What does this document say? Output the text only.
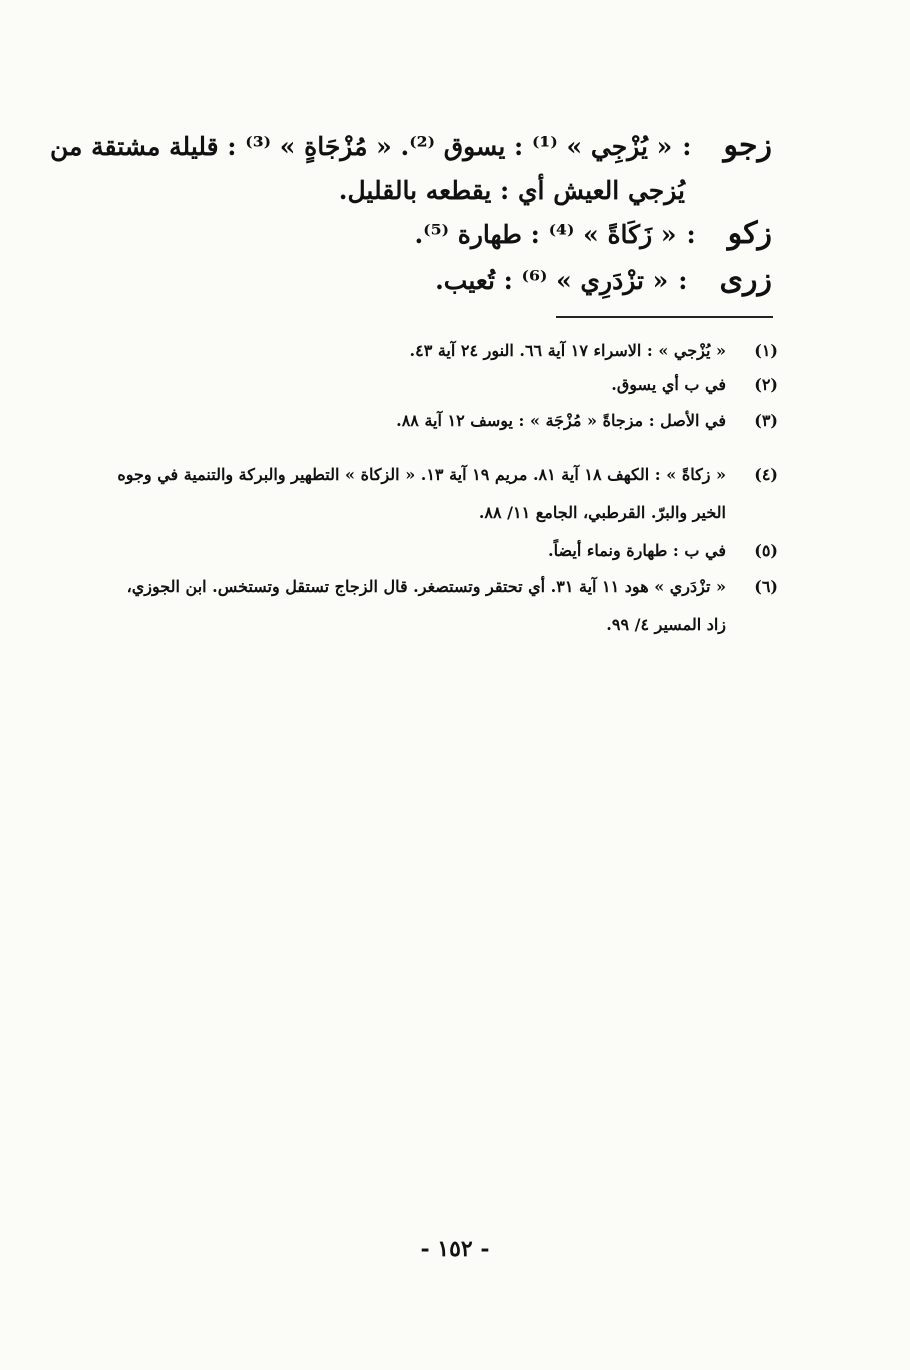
زجو:« يُزْجِي » ⁽¹⁾ : يسوق ⁽²⁾. « مُزْجَاةٍ » ⁽³⁾ : قليلة مشتقة من
يُزجي العيش أي : يقطعه بالقليل.
زكو:« زَكَاةً » ⁽⁴⁾ : طهارة ⁽⁵⁾.
زرى:« تزْدَرِي » ⁽⁶⁾ : تُعيب.
(١)
« يُزْجي » : الاسراء ١٧ آية ٦٦. النور ٢٤ آية ٤٣.
(٢)
في ب أي يسوق.
(٣)
في الأصل : مزجاةً « مُزْجَة » : يوسف ١٢ آية ٨٨.
(٤)
« زكاةً » : الكهف ١٨ آية ٨١. مريم ١٩ آية ١٣. « الزكاة » التطهير والبركة والتنمية في وجوه الخير والبرّ. القرطبي، الجامع ١١/ ٨٨.
(٥)
في ب : طهارة ونماء أيضاً.
(٦)
« تزْدَري » هود ١١ آية ٣١. أي تحتقر وتستصغر. قال الزجاج تستقل وتستخس. ابن الجوزي، زاد المسير ٤/ ٩٩.
- ١٥٢ -
